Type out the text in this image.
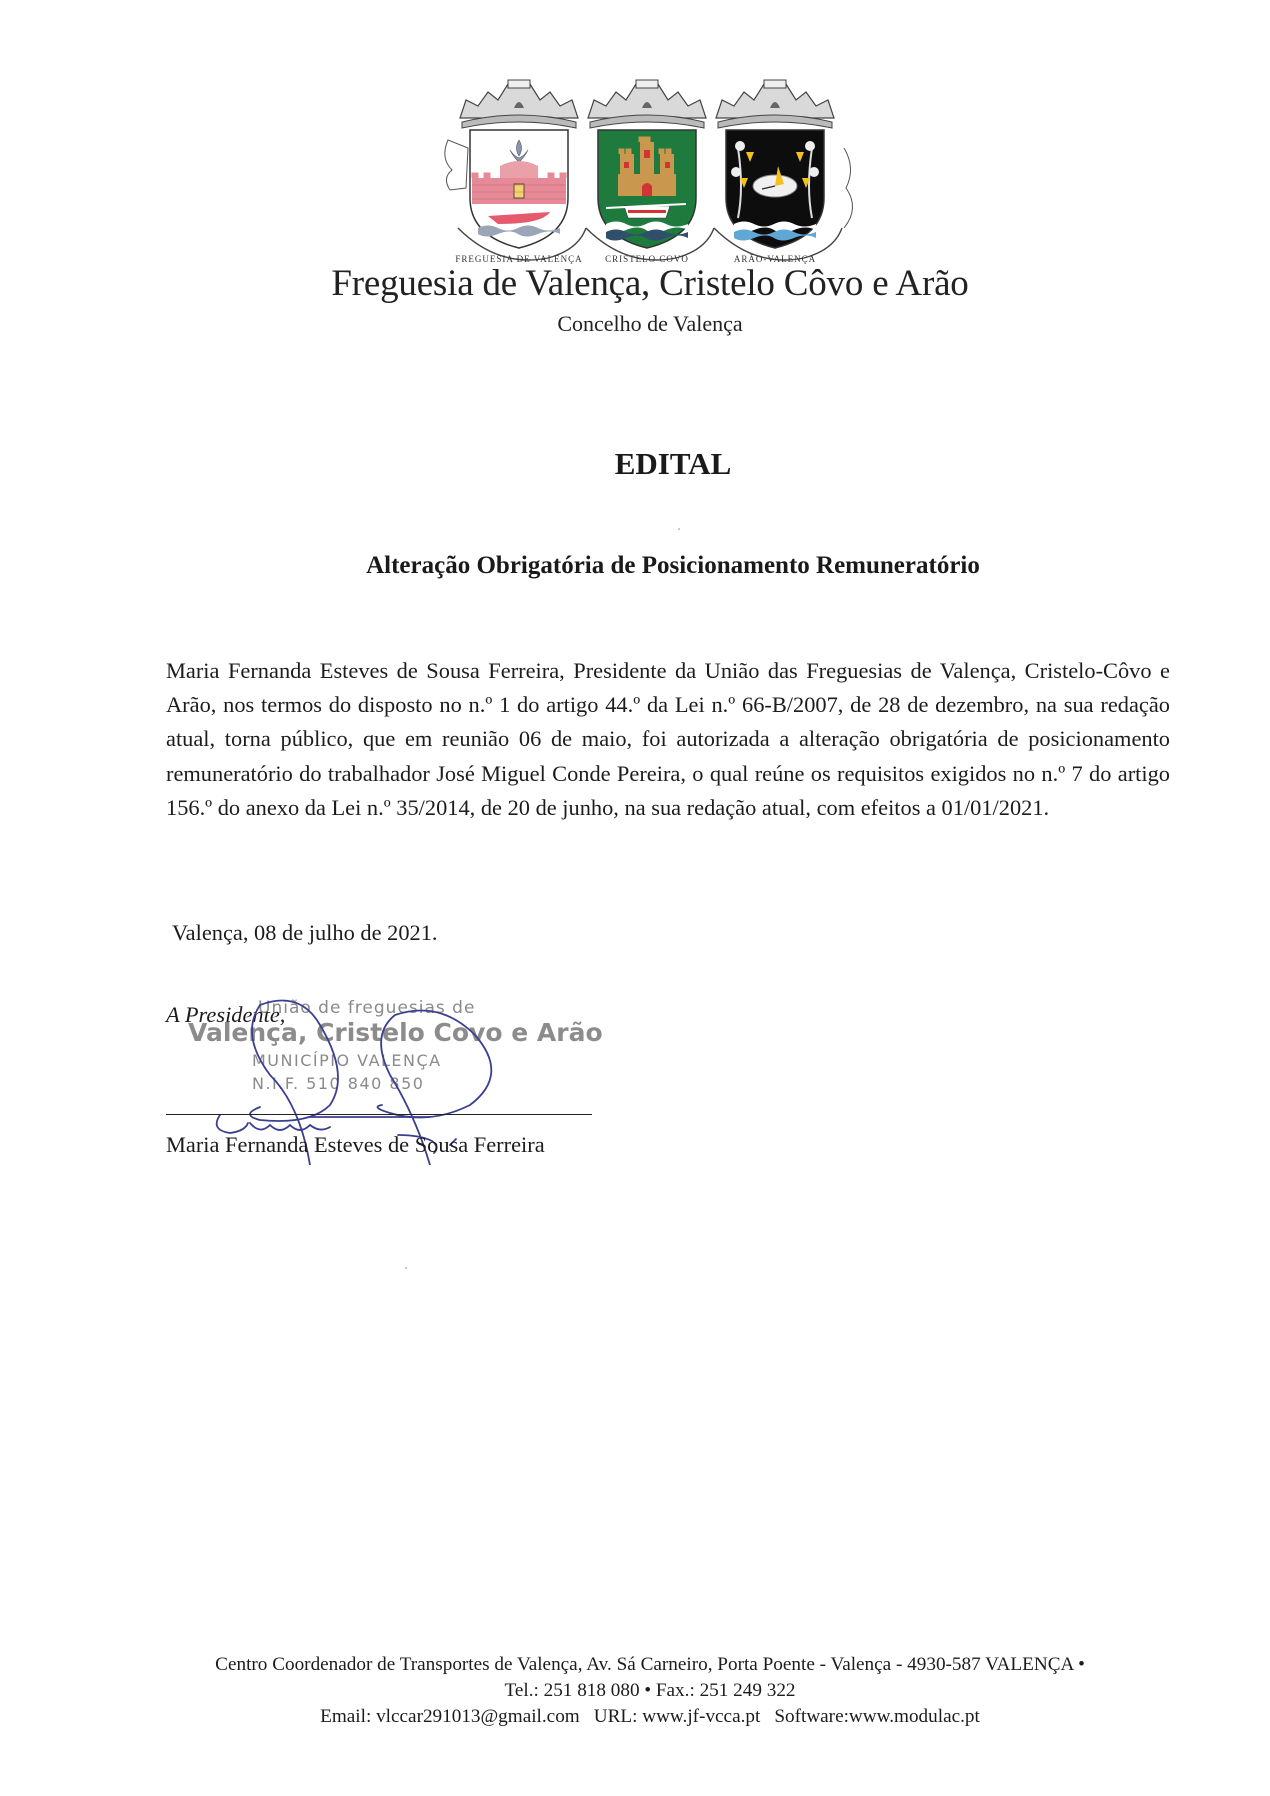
FREGUESIA DE VALENÇA	CRISTELO COVO	ARÃO-VALENÇA
Freguesia de Valença, Cristelo Côvo e Arão
Concelho de Valença
EDITAL
Alteração Obrigatória de Posicionamento Remuneratório
Maria Fernanda Esteves de Sousa Ferreira, Presidente da União das Freguesias de Valença, Cristelo-Côvo e Arão, nos termos do disposto no n.º 1 do artigo 44.º da Lei n.º 66-B/2007, de 28 de dezembro, na sua redação atual, torna público, que em reunião 06 de maio, foi autorizada a alteração obrigatória de posicionamento remuneratório do trabalhador José Miguel Conde Pereira, o qual reúne os requisitos exigidos no n.º 7 do artigo 156.º do anexo da Lei n.º 35/2014, de 20 de junho, na sua redação atual, com efeitos a 01/01/2021.
Valença, 08 de julho de 2021.
A Presidente,
União de freguesias de
Valença, Cristelo Covo e Arão
MUNICÍPIO VALENÇA
N.I.F. 510 840 850
Maria Fernanda Esteves de Sousa Ferreira
Centro Coordenador de Transportes de Valença, Av. Sá Carneiro, Porta Poente - Valença - 4930-587 VALENÇA •
Tel.: 251 818 080 • Fax.: 251 249 322
Email: vlccar291013@gmail.com URL: www.jf-vcca.pt Software:www.modulac.pt
